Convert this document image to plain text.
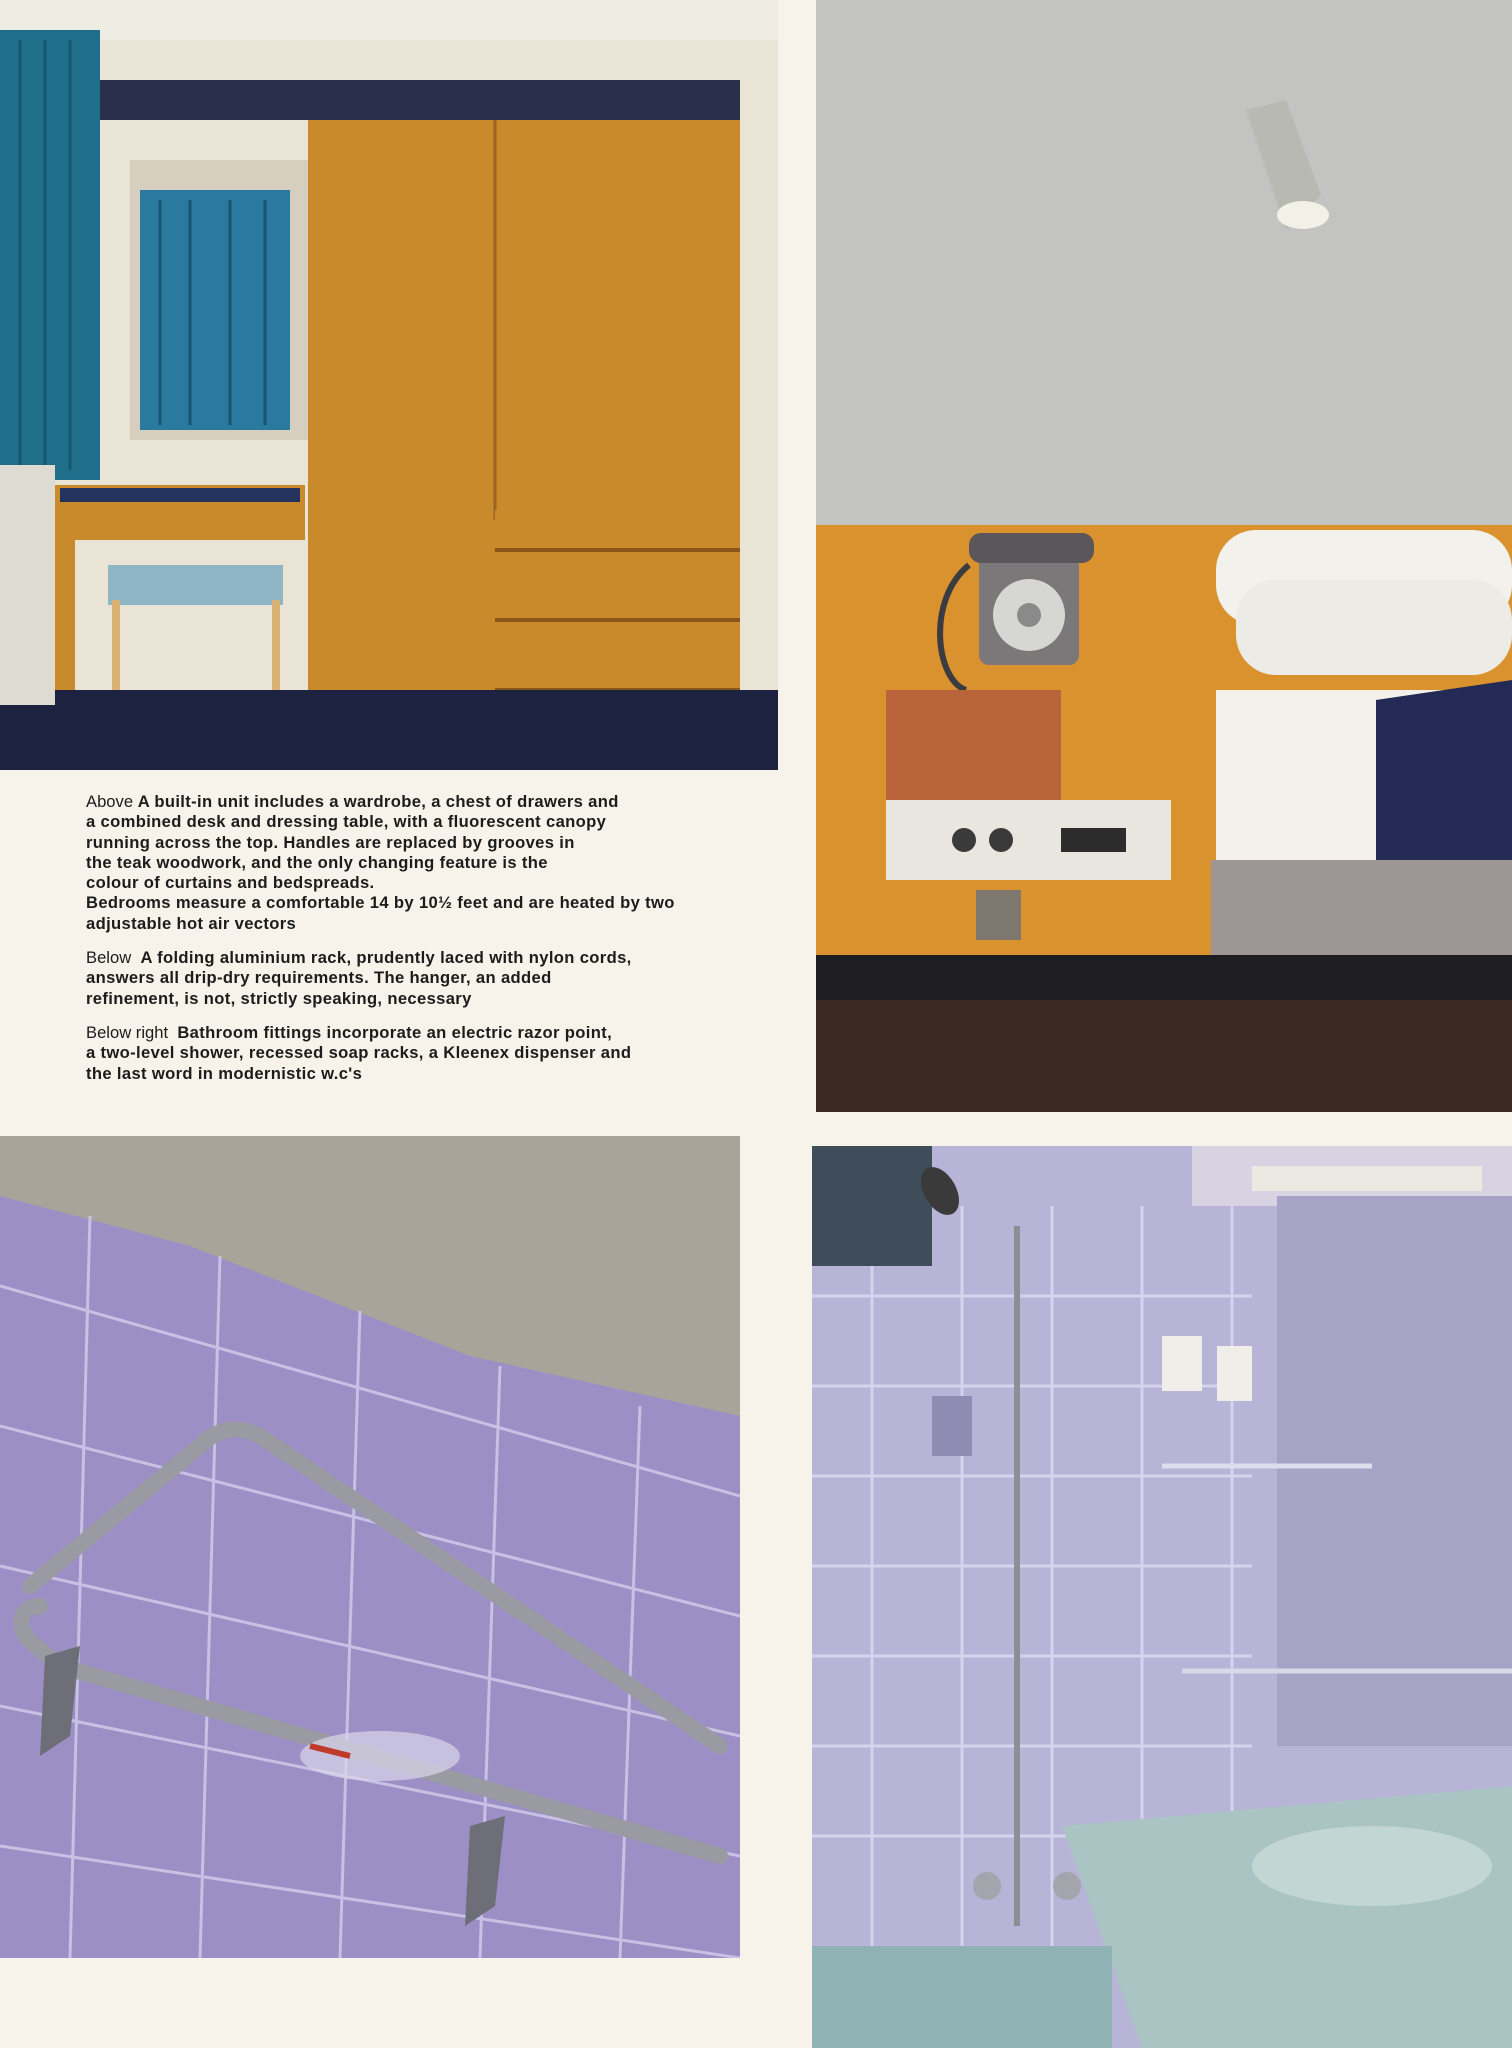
Above A built-in unit includes a wardrobe, a chest of drawers and
a combined desk and dressing table, with a fluorescent canopy
running across the top. Handles are replaced by grooves in
the teak woodwork, and the only changing feature is the
colour of curtains and bedspreads.
Bedrooms measure a comfortable 14 by 10½ feet and are heated by two
adjustable hot air vectors

Below A folding aluminium rack, prudently laced with nylon cords,
answers all drip-dry requirements. The hanger, an added
refinement, is not, strictly speaking, necessary

Below right Bathroom fittings incorporate an electric razor point,
a two-level shower, recessed soap racks, a Kleenex dispenser and
the last word in modernistic w.c's
